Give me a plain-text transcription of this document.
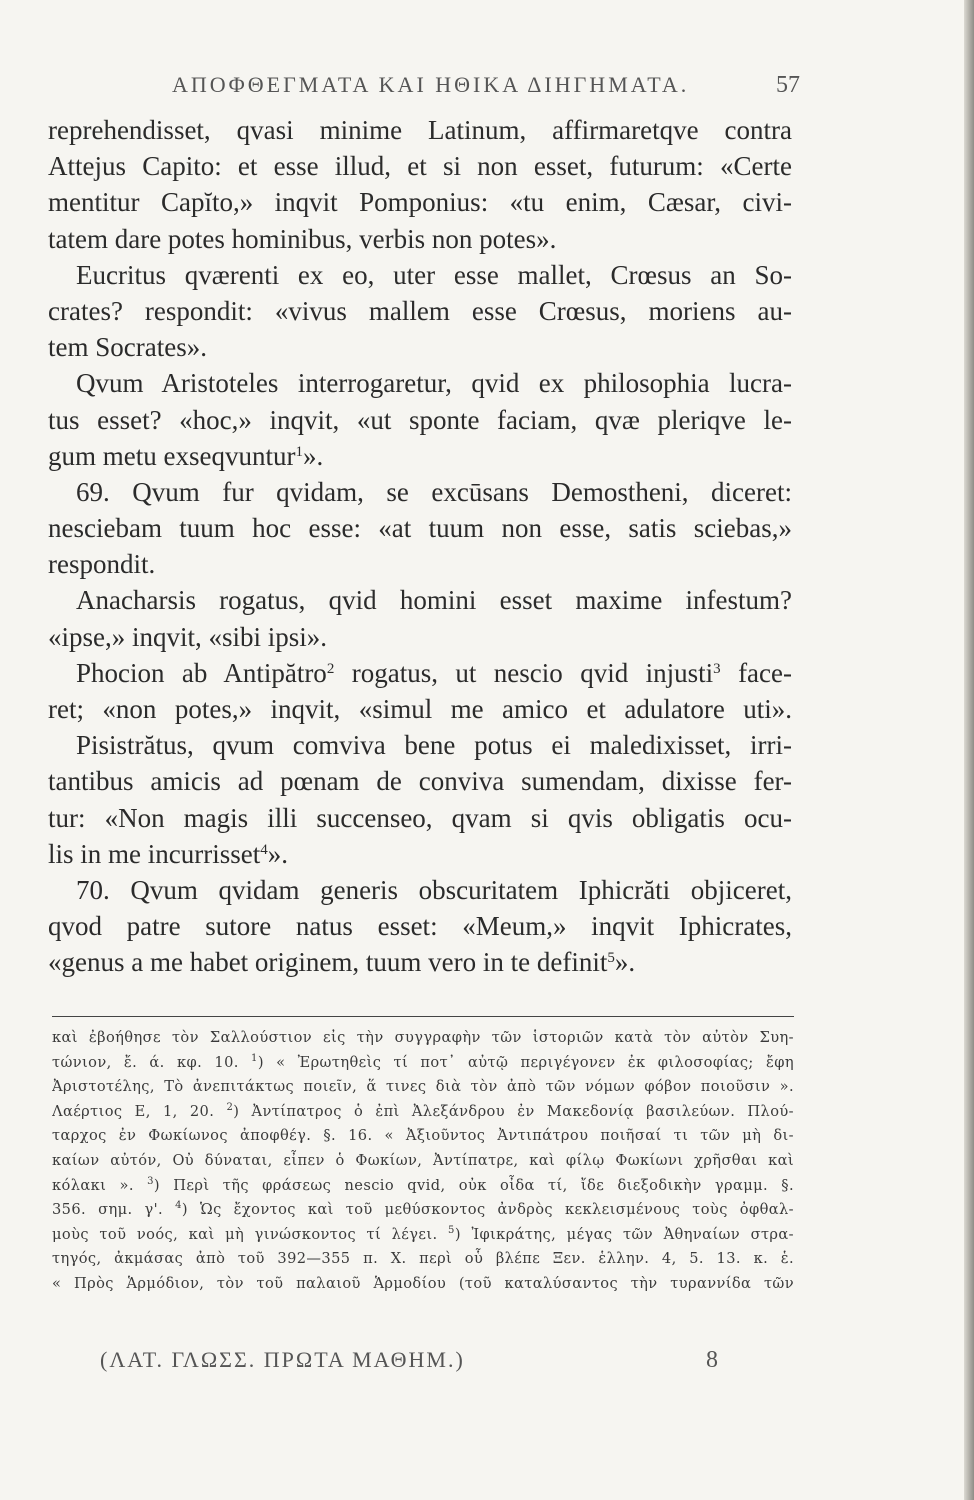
ΑΠΟΦΘΕΓΜΑΤΑ ΚΑΙ ΗΘΙΚΑ ΔΙΗΓΗΜΑΤΑ.	57
reprehendisset, qvasi minime Latinum, affirmaretqve contra
Attejus Capito: et esse illud, et si non esset, futurum: «Certe
mentitur Capĭto,» inqvit Pomponius: «tu enim, Cæsar, civi-
tatem dare potes hominibus, verbis non potes».
Eucritus qværenti ex eo, uter esse mallet, Crœsus an So-
crates? respondit: «vivus mallem esse Crœsus, moriens au-
tem Socrates».
Qvum Aristoteles interrogaretur, qvid ex philosophia lucra-
tus esset? «hoc,» inqvit, «ut sponte faciam, qvæ pleriqve le-
gum metu exseqvuntur$^1$».
69. Qvum fur qvidam, se excūsans Demostheni, diceret:
nesciebam tuum hoc esse: «at tuum non esse, satis sciebas,»
respondit.
Anacharsis rogatus, qvid homini esset maxime infestum?
«ipse,» inqvit, «sibi ipsi».
Phocion ab Antipătro$^2$ rogatus, ut nescio qvid injusti$^3$ face-
ret; «non potes,» inqvit, «simul me amico et adulatore uti».
Pisistrătus, qvum comviva bene potus ei maledixisset, irri-
tantibus amicis ad pœnam de conviva sumendam, dixisse fer-
tur: «Non magis illi succenseo, qvam si qvis obligatis ocu-
lis in me incurrisset$^4$».
70. Qvum qvidam generis obscuritatem Iphicrăti objiceret,
qvod patre sutore natus esset: «Meum,» inqvit Iphicrates,
«genus a me habet originem, tuum vero in te definit$^5$».
καὶ ἐβοήθησε τὸν Σαλλούστιον εἰς τὴν συγγραφὴν τῶν ἱστοριῶν κατὰ τὸν αὐτὸν Συη-
τώνιον, ἔ. ά. κφ. 10. $^1$) « Ἐρωτηθεὶς τί ποτ᾽ αὐτῷ περιγέγονεν ἐκ φιλοσοφίας; ἔφη
Ἀριστοτέλης, Τὸ ἀνεπιτάκτως ποιεῖν, ἅ τινες διὰ τὸν ἀπὸ τῶν νόμων φόβον ποιοῦσιν ».
Λαέρτιος Ε, 1, 20. $^2$) Ἀντίπατρος ὁ ἐπὶ Ἀλεξάνδρου ἐν Μακεδονίᾳ βασιλεύων. Πλού-
ταρχος ἐν Φωκίωνος ἀποφθέγ. §. 16. « Ἀξιοῦντος Ἀντιπάτρου ποιῆσαί τι τῶν μὴ δι-
καίων αὐτόν, Οὐ δύναται, εἶπεν ὁ Φωκίων, Ἀντίπατρε, καὶ φίλῳ Φωκίωνι χρῆσθαι καὶ
κόλακι ». $^3$) Περὶ τῆς φράσεως nescio qvid, οὐκ οἶδα τί, ἴδε διεξοδικὴν γραμμ. §.
356. σημ. γ'. $^4$) Ὡς ἔχοντος καὶ τοῦ μεθύσκοντος ἀνδρὸς κεκλεισμένους τοὺς ὀφθαλ-
μοὺς τοῦ νοός, καὶ μὴ γινώσκοντος τί λέγει. $^5$) Ἰφικράτης, μέγας τῶν Ἀθηναίων στρα-
τηγός, ἀκμάσας ἀπὸ τοῦ 392—355 π. Χ. περὶ οὗ βλέπε Ξεν. ἑλλην. 4, 5. 13. κ. ἑ.
« Πρὸς Ἁρμόδιον, τὸν τοῦ παλαιοῦ Ἁρμοδίου (τοῦ καταλύσαντος τὴν τυραννίδα τῶν
(ΛΑΤ. ΓΛΩΣΣ. ΠΡΩΤΑ ΜΑΘΗΜ.)	8
